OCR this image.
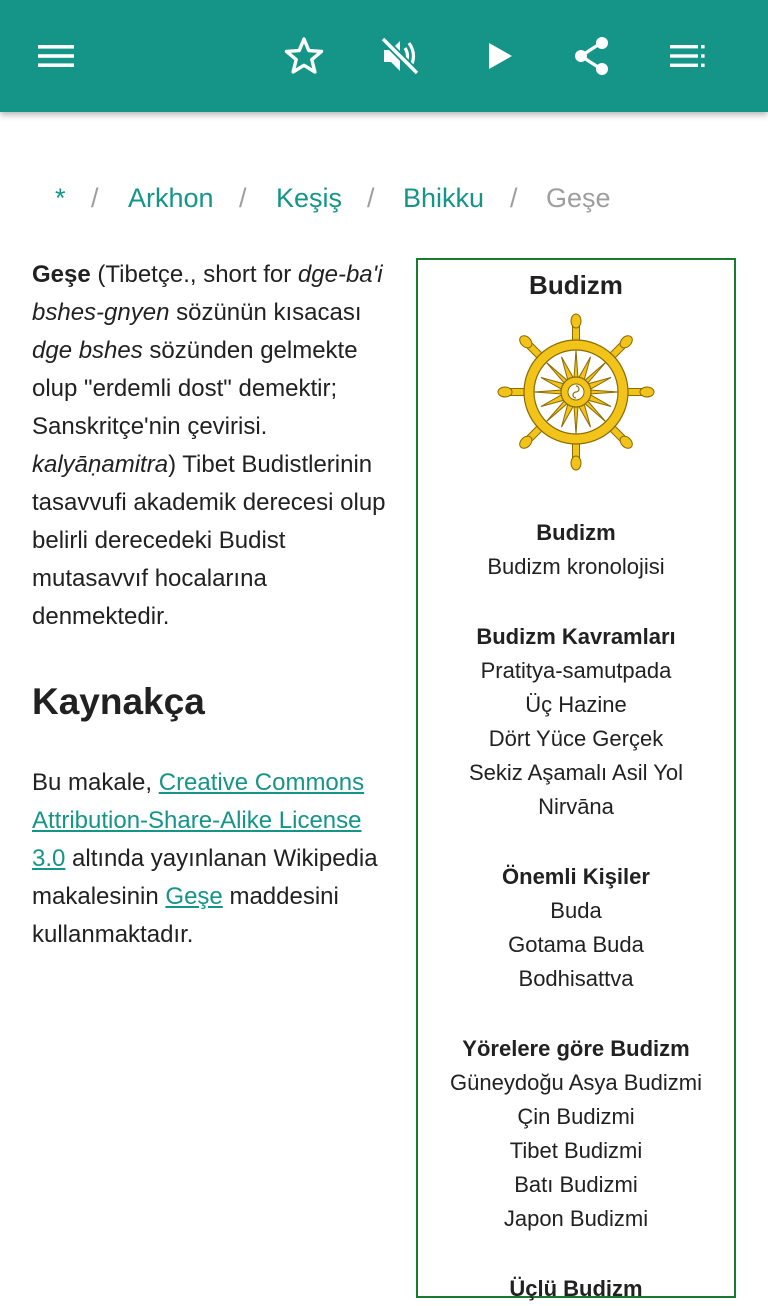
* / Arkhon / Keşiş / Bhikku / Geşe

Geşe (Tibetçe., short for dge-ba'i bshes-gnyen sözünün kısacası dge bshes sözünden gelmekte olup "erdemli dost" demektir; Sanskritçe'nin çevirisi. kalyāṇamitra) Tibet Budistlerinin tasavvufi akademik derecesi olup belirli derecedeki Budist mutasavvıf hocalarına denmektedir.

Kaynakça

Bu makale, Creative Commons Attribution-Share-Alike License 3.0 altında yayınlanan Wikipedia makalesinin Geşe maddesini kullanmaktadır.

Budizm
Budizm
Budizm kronolojisi
Budizm Kavramları
Pratitya-samutpada
Üç Hazine
Dört Yüce Gerçek
Sekiz Aşamalı Asil Yol
Nirvāna
Önemli Kişiler
Buda
Gotama Buda
Bodhisattva
Yörelere göre Budizm
Güneydoğu Asya Budizmi
Çin Budizmi
Tibet Budizmi
Batı Budizmi
Japon Budizmi
Üçlü Budizm
